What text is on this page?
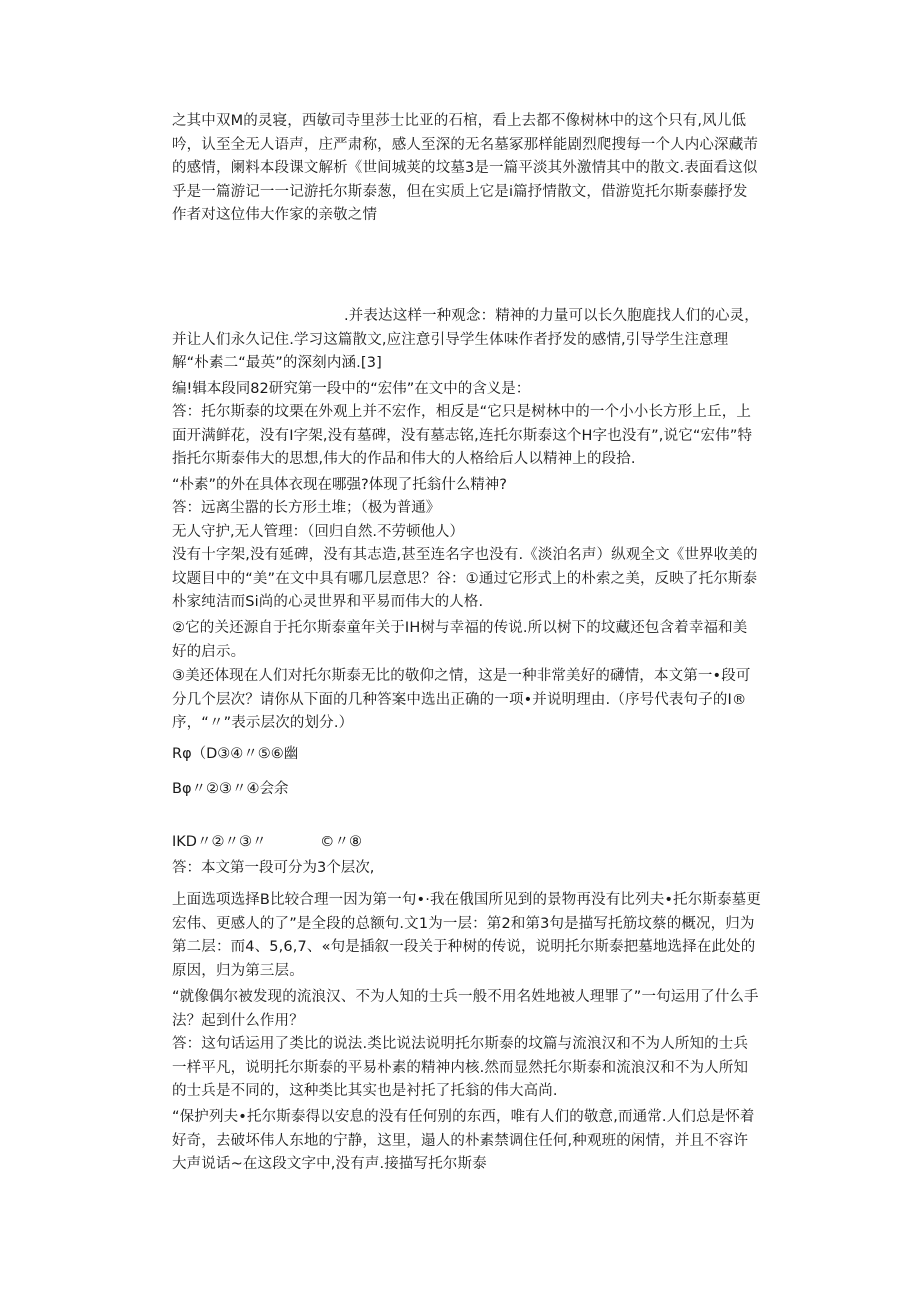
之其中双M的灵寝，西敏司寺里莎士比亚的石棺，看上去都不像树林中的这个只有,风儿低吟，认至全无人语声，庄严肃称，感人至深的无名墓冢那样能剧烈爬搜每一个人内心深藏芾的感情，阑料本段课文解析《世间城荚的坟墓3是一篇平淡其外激情其中的散文.表面看这似乎是一篇游记一一记游托尔斯泰葱，但在实质上它是i篇抒情散文，借游览托尔斯泰藤抒发作者对这位伟大作家的亲敬之情

.并表达这样一种观念：精神的力量可以长久胞鹿找人们的心灵，并让人们永久记住.学习这篇散文,应注意引导学生体味作者抒发的感情,引导学生注意理解“朴素二“最英”的深刻内涵.[3]

编!辑本段同82研究第一段中的“宏伟”在文中的含义是：

答：托尔斯泰的坟栗在外观上并不宏作，相反是“它只是树林中的一个小小长方形上丘，上面开满鲜花，没有I字架,没有墓碑，没有墓志铭,连托尔斯泰这个H字也没有”,说它“宏伟”特指托尔斯泰伟大的思想,伟大的作品和伟大的人格给后人以精神上的段拾.

“朴素”的外在具体衣现在哪强?体现了托翁什么精神?
答：远离尘嚣的长方形土堆；（极为普通》
无人守护,无人管理：（回归自然.不劳顿他人）

没有十字架,没有延碑，没有其志造,甚至连名字也没有.《淡泊名声）纵观全文《世界收美的坟题目中的“美”在文中具有哪几层意思？谷：①通过它形式上的朴索之美，反映了托尔斯泰朴家纯洁而Si尚的心灵世界和平易而伟大的人格.

②它的关还源自于托尔斯泰童年关于IH树与幸福的传说.所以树下的坟藏还包含着幸福和美好的启示。

③美还体现在人们对托尔斯泰无比的敬仰之情，这是一种非常美好的礴情，本文第一•段可分几个层次？请你从下面的几种答案中选出正确的一项•并说明理由.（序号代表句子的I®序，“〃”表示层次的划分.）

Rφ（D③④〃⑤⑥幽
Bφ〃②③〃④会余
IKD〃②〃③〃	©〃⑧
答：本文第一段可分为3个层次,

上面选项选择B比较合理一因为第一句•·我在俄国所见到的景物再没有比列夫•托尔斯泰墓更宏伟、更感人的了”是全段的总额句.文1为一层：第2和第3句是描写托筋坟蔡的概况，归为第二层：而4、5,6,7、«句是插叙一段关于种树的传说，说明托尔斯泰把墓地选择在此处的原因，归为第三层。

“就像偶尔被发现的流浪汉、不为人知的士兵一般不用名姓地被人理罪了”一句运用了什么手法？起到什么作用？

答：这句话运用了类比的说法.类比说法说明托尔斯泰的坟篇与流浪汉和不为人所知的士兵一样平凡，说明托尔斯泰的平易朴素的精神内核.然而显然托尔斯泰和流浪汉和不为人所知的士兵是不同的，这种类比其实也是衬托了托翁的伟大高尚.

“保护列夫•托尔斯泰得以安息的没有任何别的东西，唯有人们的敬意,而通常.人们总是怀着好奇，去破坏伟人东地的宁静，这里，遢人的朴素禁调住任何,种观班的闲情，并且不容许大声说话~在这段文字中,没有声.接描写托尔斯泰
